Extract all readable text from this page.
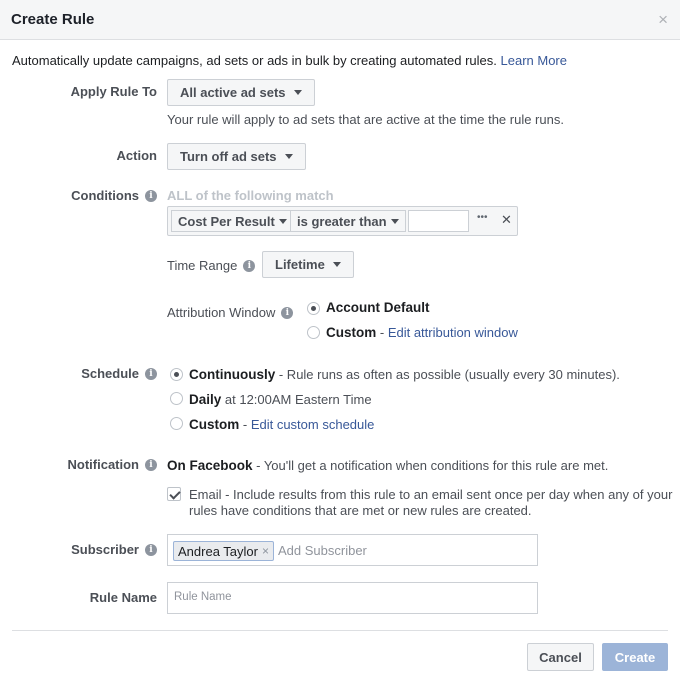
Create Rule	×
Automatically update campaigns, ad sets or ads in bulk by creating automated rules. Learn More
Apply Rule To All active ad sets
Your rule will apply to ad sets that are active at the time the rule runs.
Action Turn off ad sets
Conditions	i	ALL of the following match
Cost Per Result is greater than	••• ✕
Time Range	i	Lifetime
Attribution Window	i	Account Default
Custom - Edit attribution window
Schedule	i	Continuously - Rule runs as often as possible (usually every 30 minutes).
Daily at 12:00AM Eastern Time
Custom - Edit custom schedule
Notification	i	On Facebook - You'll get a notification when conditions for this rule are met.
Email - Include results from this rule to an email sent once per day when any of your
rules have conditions that are met or new rules are created.
Subscriber	i	Andrea Taylor × Add Subscriber
Rule Name Rule Name
Cancel	Create
